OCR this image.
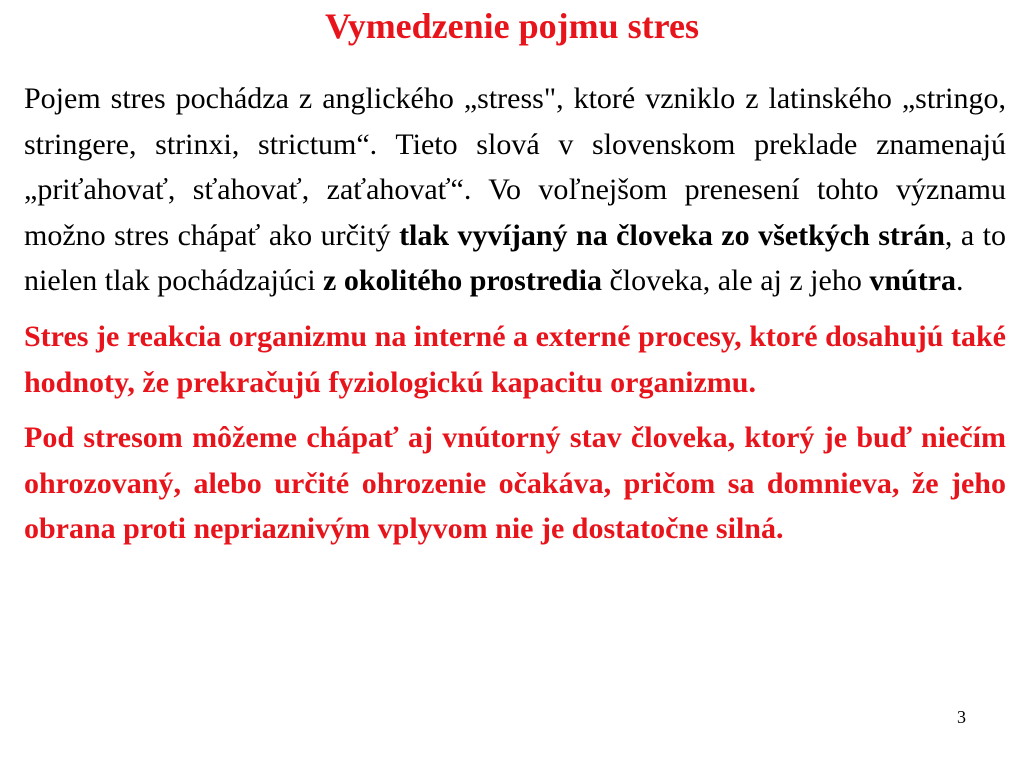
Vymedzenie pojmu stres

Pojem stres pochádza z anglického „stress", ktoré vzniklo z latinského „stringo, stringere, strinxi, strictum“. Tieto slová v slovenskom preklade znamenajú „priťahovať, sťahovať, zaťahovať“. Vo voľnejšom prenesení tohto významu možno stres chápať ako určitý tlak vyvíjaný na človeka zo všetkých strán, a to nielen tlak pochádzajúci z okolitého prostredia človeka, ale aj z jeho vnútra.

Stres je reakcia organizmu na interné a externé procesy, ktoré dosahujú také hodnoty, že prekračujú fyziologickú kapacitu organizmu.

Pod stresom môžeme chápať aj vnútorný stav človeka, ktorý je buď niečím ohrozovaný, alebo určité ohrozenie očakáva, pričom sa domnieva, že jeho obrana proti nepriaznivým vplyvom nie je dostatočne silná.

3
